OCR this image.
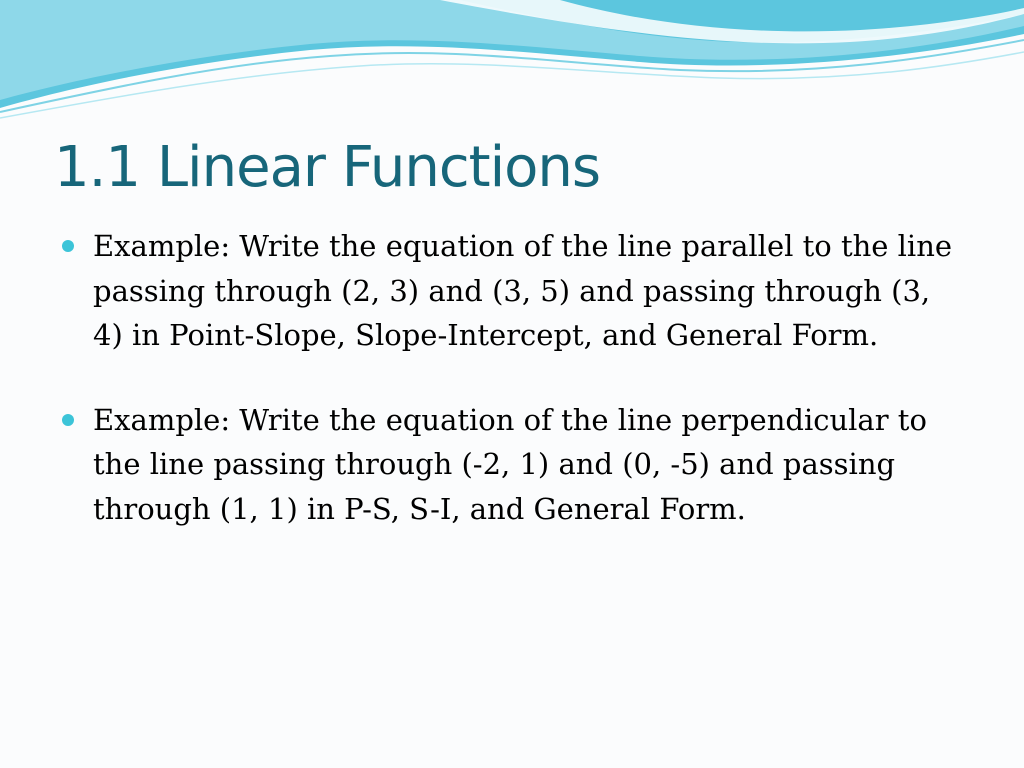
1.1 Linear Functions
Example: Write the equation of the line parallel to the line passing through (2, 3) and (3, 5) and passing through (3, 4) in Point-Slope, Slope-Intercept, and General Form.
Example: Write the equation of the line perpendicular to the line passing through (-2, 1) and (0, -5) and passing through (1, 1) in P-S, S-I, and General Form.
